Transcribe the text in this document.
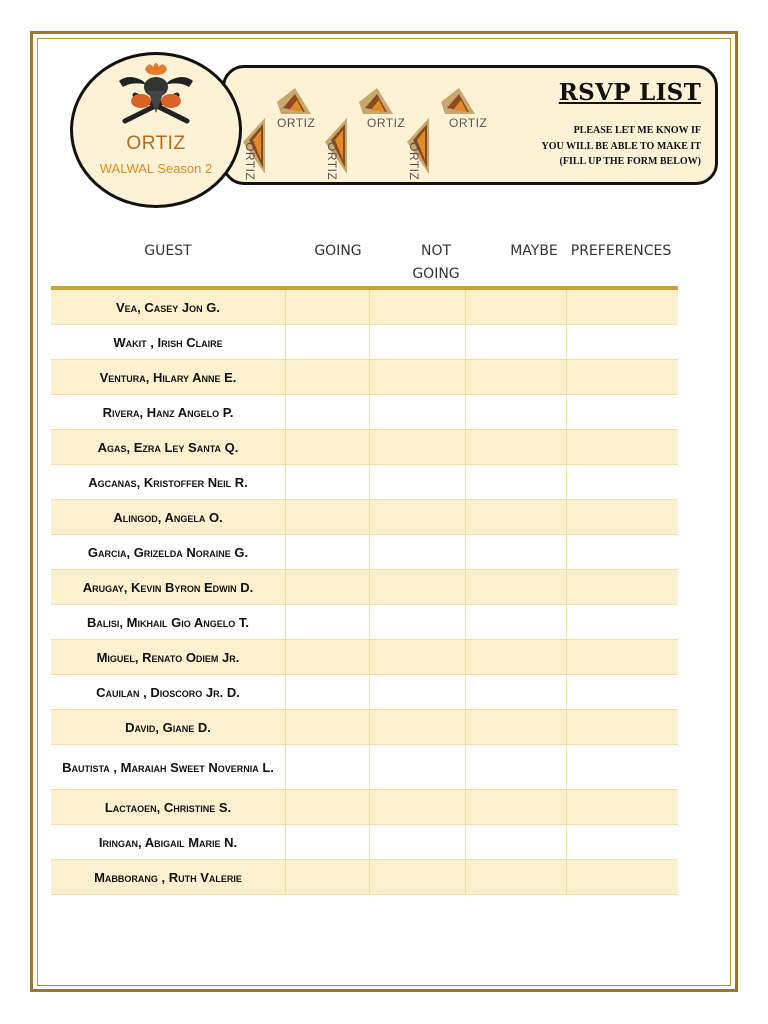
ORTIZ
WALWAL Season 2
ORTIZ
ORTIZ
ORTIZ
ORTIZ
ORTIZ
ORTIZ
RSVP LIST
PLEASE LET ME KNOW IF
YOU WILL BE ABLE TO MAKE IT
(FILL UP THE FORM BELOW)
GUEST	GOING	NOT
GOING
MAYBE PREFERENCES
Vea, Casey Jon G.
Wakit , Irish Claire
Ventura, Hilary Anne E.
Rivera, Hanz Angelo P.
Agas, Ezra Ley Santa Q.
Agcanas, Kristoffer Neil R.
Alingod, Angela O.
Garcia, Grizelda Noraine G.
Arugay, Kevin Byron Edwin D.
Balisi, Mikhail Gio Angelo T.
Miguel, Renato Odiem Jr.
Cauilan , Dioscoro Jr. D.
David, Giane D.
Bautista , Maraiah Sweet Novernia L.
Lactaoen, Christine S.
Iringan, Abigail Marie N.
Mabborang , Ruth Valerie
